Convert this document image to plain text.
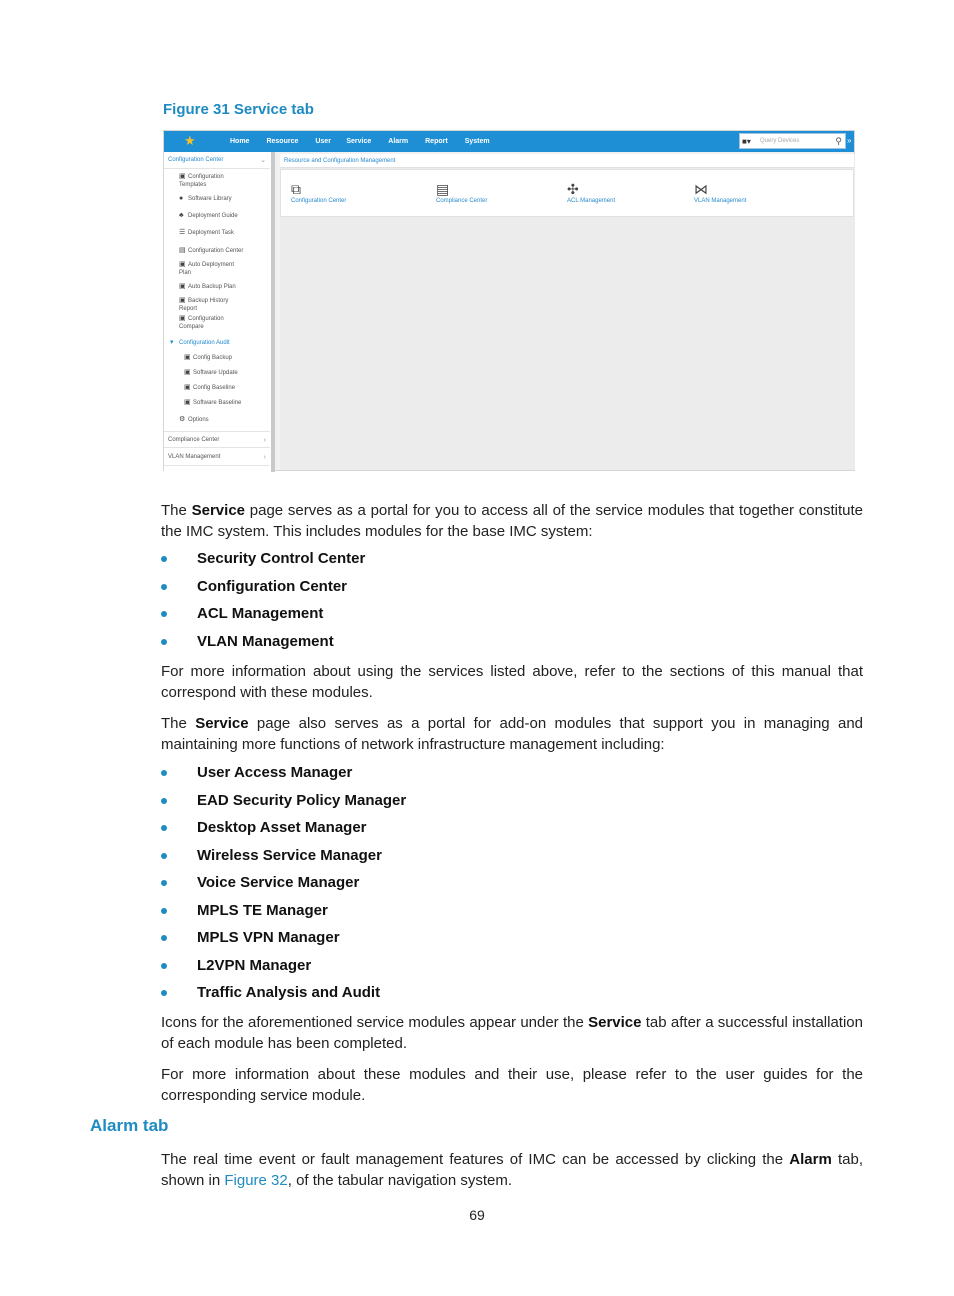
Figure 31 Service tab
★	Home Resource User Service Alarm Report System	■▾ Query Devices	⚲ »
Configuration Center	⌄
▣ Configuration
Templates
● Software Library
♣ Deployment Guide
☰ Deployment Task
▤ Configuration Center
▣ Auto Deployment
Plan
▣ Auto Backup Plan
▣ Backup History
Report
▣ Configuration
Compare
▾ Configuration Audit
▣ Config Backup
▣ Software Update
▣ Config Baseline
▣ Software Baseline
⚙ Options
Compliance Center	›
VLAN Management	›
Resource and Configuration Management
⧉
Configuration Center
▤
Compliance Center
✣
ACL Management
⋈
VLAN Management
The Service page serves as a portal for you to access all of the service modules that together constitute the IMC system. This includes modules for the base IMC system:
Security Control Center
Configuration Center
ACL Management
VLAN Management
For more information about using the services listed above, refer to the sections of this manual that correspond with these modules.
The Service page also serves as a portal for add-on modules that support you in managing and maintaining more functions of network infrastructure management including:
User Access Manager
EAD Security Policy Manager
Desktop Asset Manager
Wireless Service Manager
Voice Service Manager
MPLS TE Manager
MPLS VPN Manager
L2VPN Manager
Traffic Analysis and Audit
Icons for the aforementioned service modules appear under the Service tab after a successful installation of each module has been completed.
For more information about these modules and their use, please refer to the user guides for the corresponding service module.
Alarm tab
The real time event or fault management features of IMC can be accessed by clicking the Alarm tab, shown in Figure 32, of the tabular navigation system.
69
